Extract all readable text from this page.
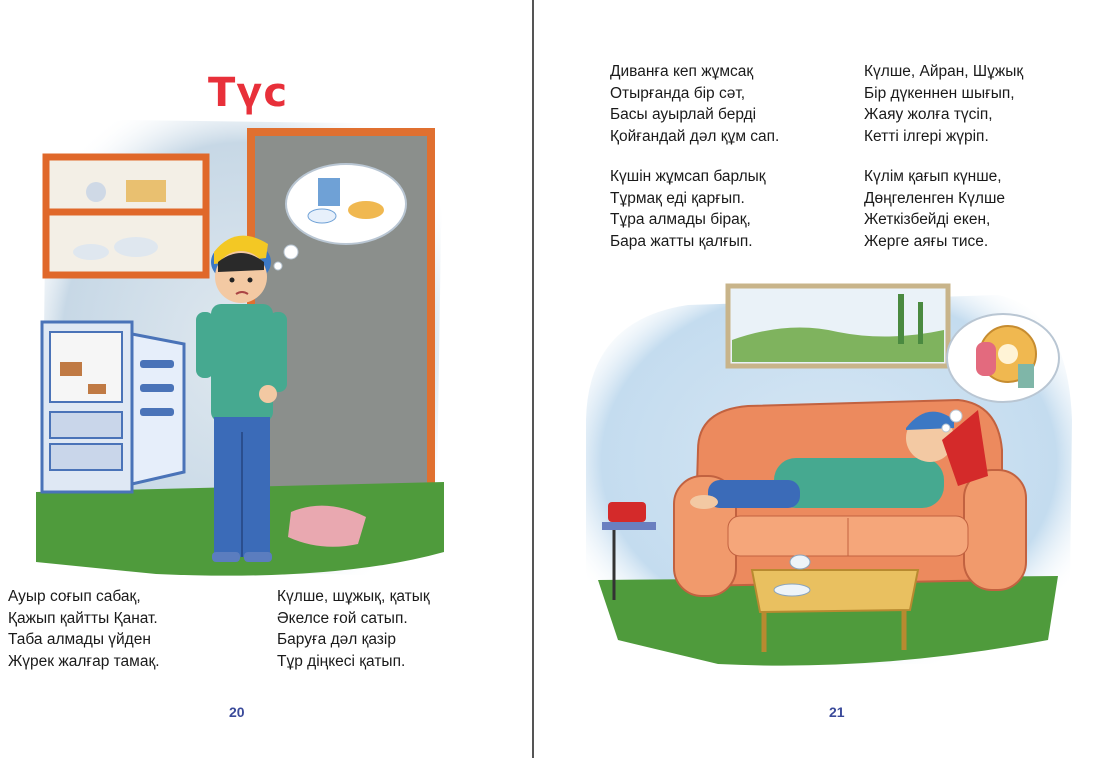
Түс
Ауыр соғып сабақ,
Қажып қайтты Қанат.
Таба алмады үйден
Жүрек жалғар тамақ.
Күлше, шұжық, қатық
Әкелсе ғой сатып.
Баруға дәл қазір
Тұр діңкесі қатып.
20
Диванға кеп жұмсақ
Отырғанда бір сәт,
Басы ауырлай берді
Қойғандай дәл құм сап.
Күлше, Айран, Шұжық
Бір дүкеннен шығып,
Жаяу жолға түсіп,
Кетті ілгері жүріп.
Күшін жұмсап барлық
Тұрмақ еді қарғып.
Тұра алмады бірақ,
Бара жатты қалғып.
Күлім қағып күнше,
Дөңгеленген Күлше
Жеткізбейді екен,
Жерге аяғы тисе.
21
